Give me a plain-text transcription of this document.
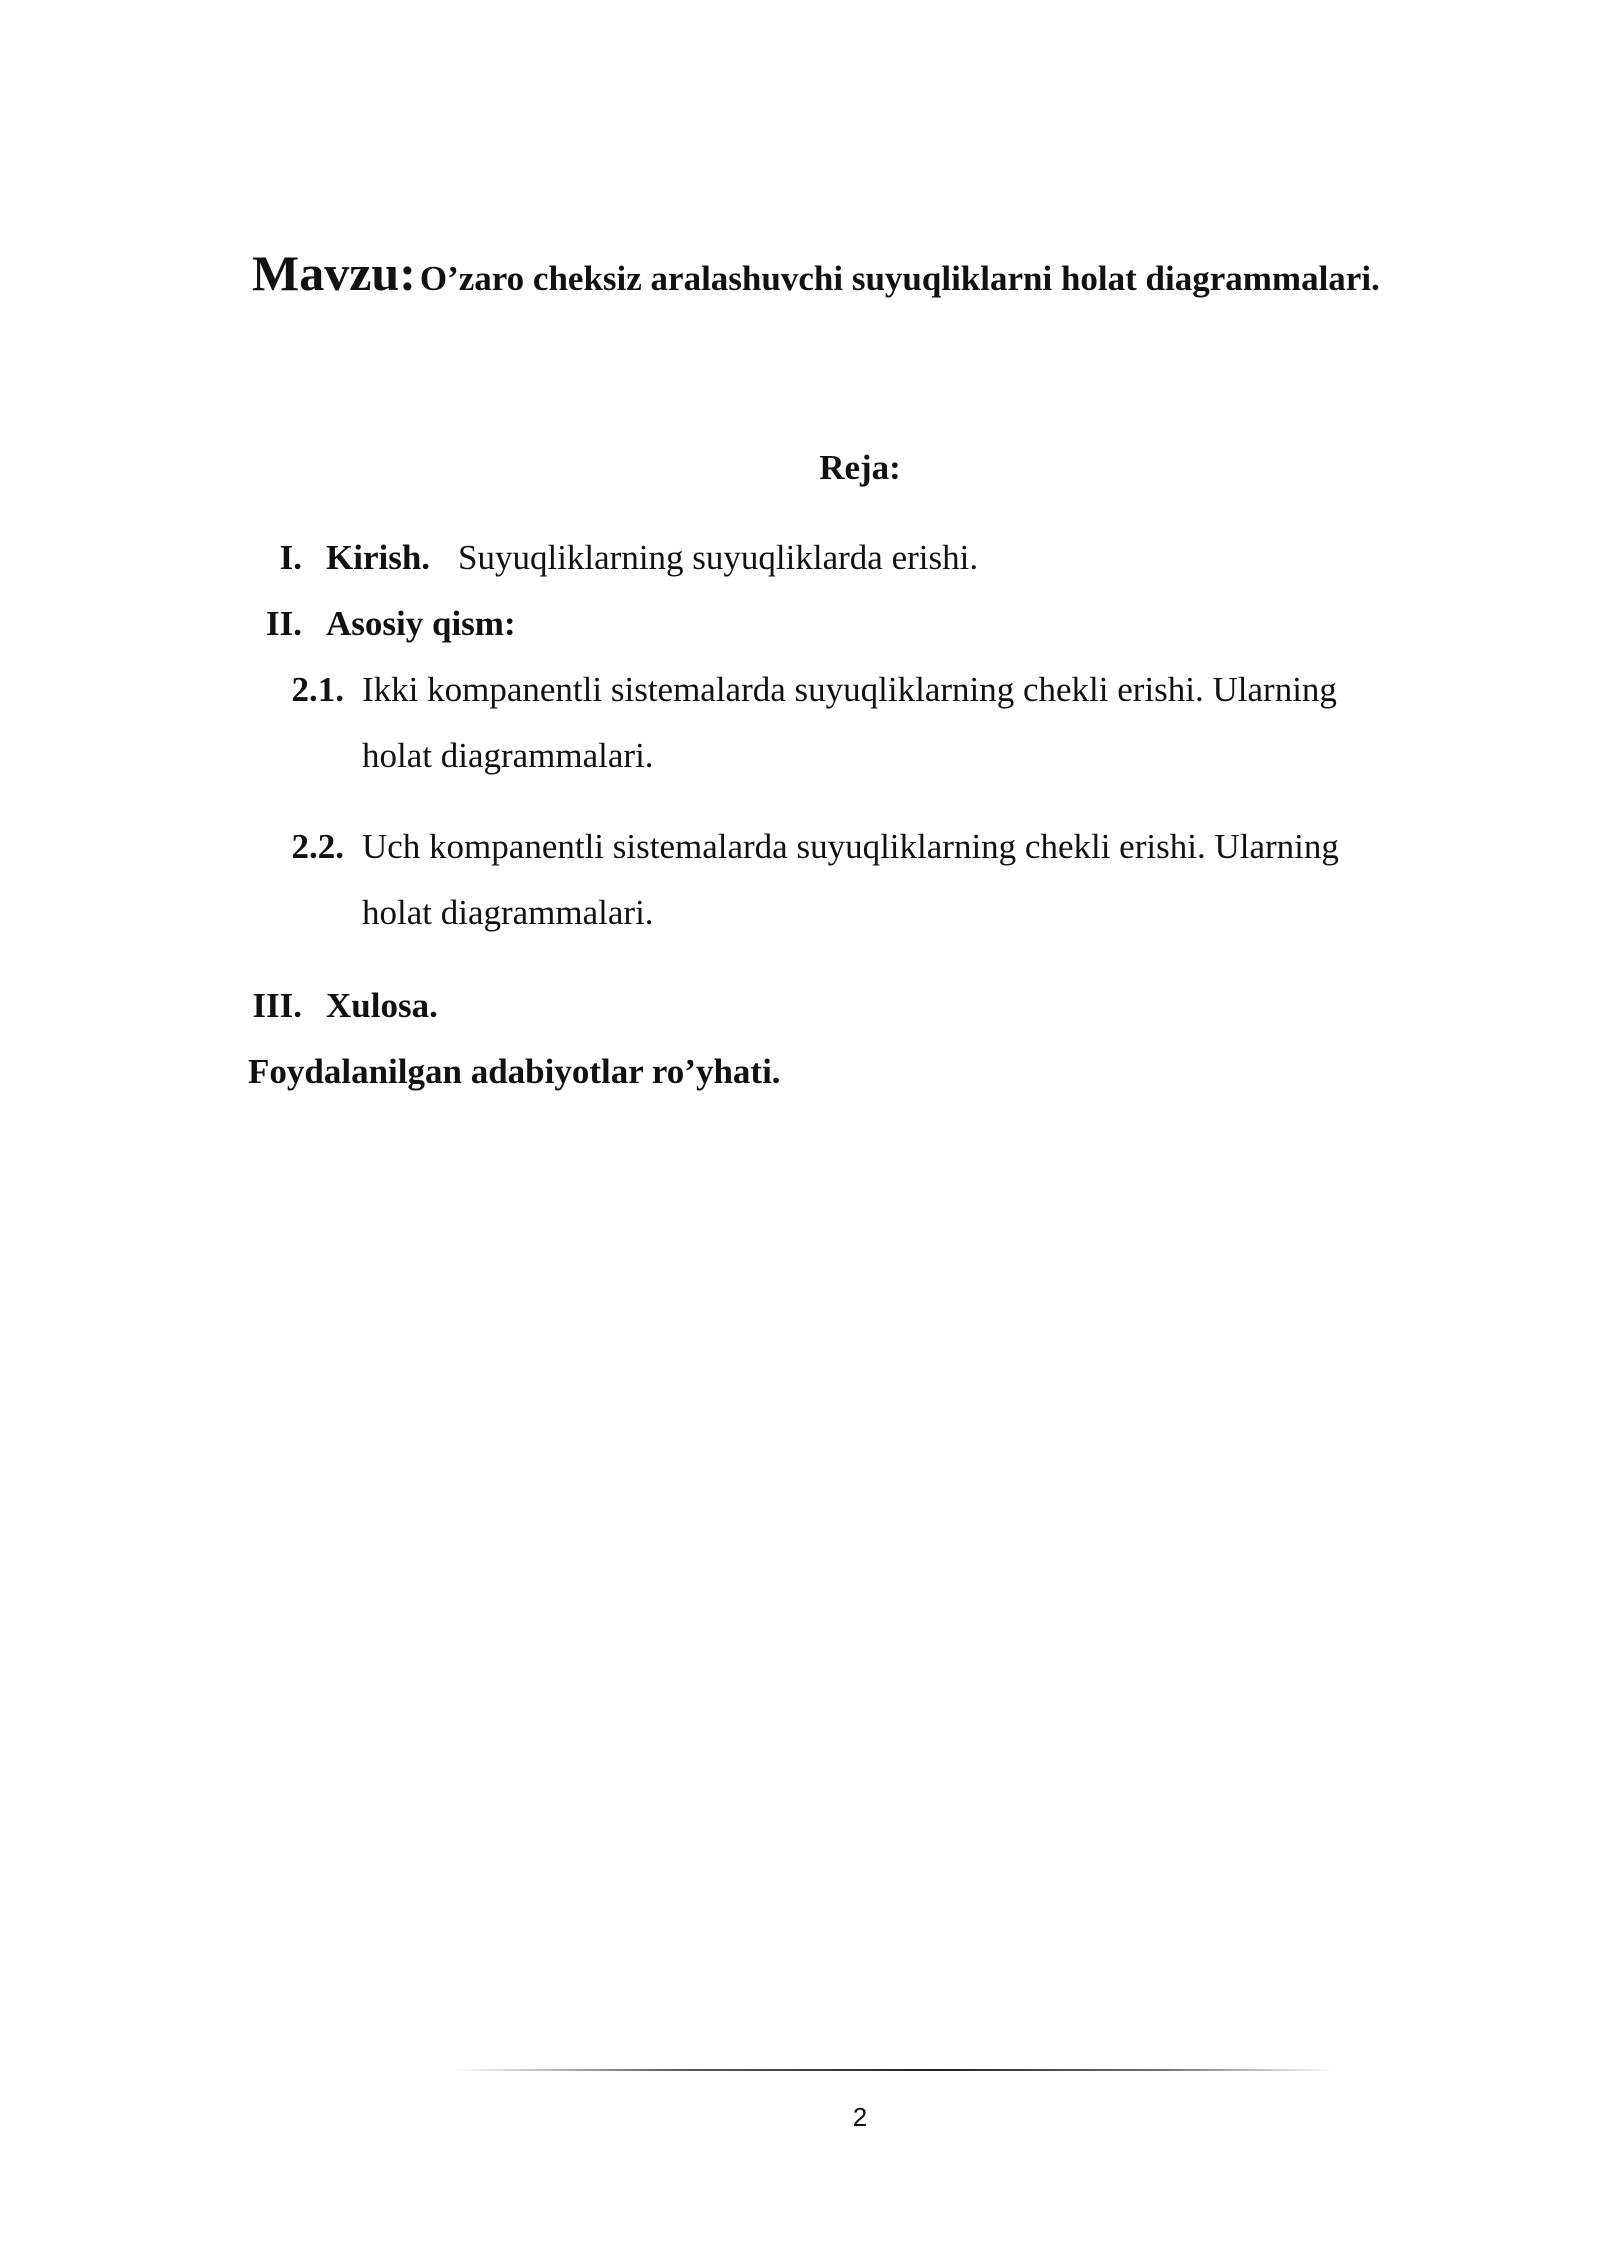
Mavzu: O’zaro cheksiz aralashuvchi suyuqliklarni holat diagrammalari.
Reja:
I. Kirish. Suyuqliklarning suyuqliklarda erishi.
II. Asosiy qism:
2.1. Ikki kompanentli sistemalarda suyuqliklarning chekli erishi. Ularning
holat diagrammalari.
2.2. Uch kompanentli sistemalarda suyuqliklarning chekli erishi. Ularning
holat diagrammalari.
III. Xulosa.
Foydalanilgan adabiyotlar ro’yhati.
2
